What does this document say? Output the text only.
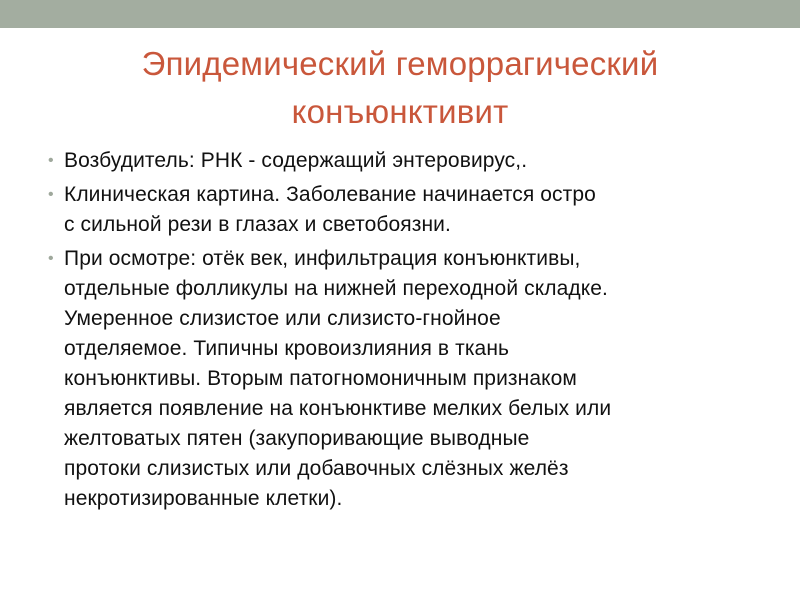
Эпидемический геморрагический
конъюнктивит
• Возбудитель: РНК - содержащий энтеровирус,.
• Клиническая картина. Заболевание начинается остро
с сильной рези в глазах и светобоязни.
• При осмотре: отёк век, инфильтрация конъюнктивы,
отдельные фолликулы на нижней переходной складке.
Умеренное слизистое или слизисто-гнойное
отделяемое. Типичны кровоизлияния в ткань
конъюнктивы. Вторым патогномоничным признаком
является появление на конъюнктиве мелких белых или
желтоватых пятен (закупоривающие выводные
протоки слизистых или добавочных слёзных желёз
некротизированные клетки).
